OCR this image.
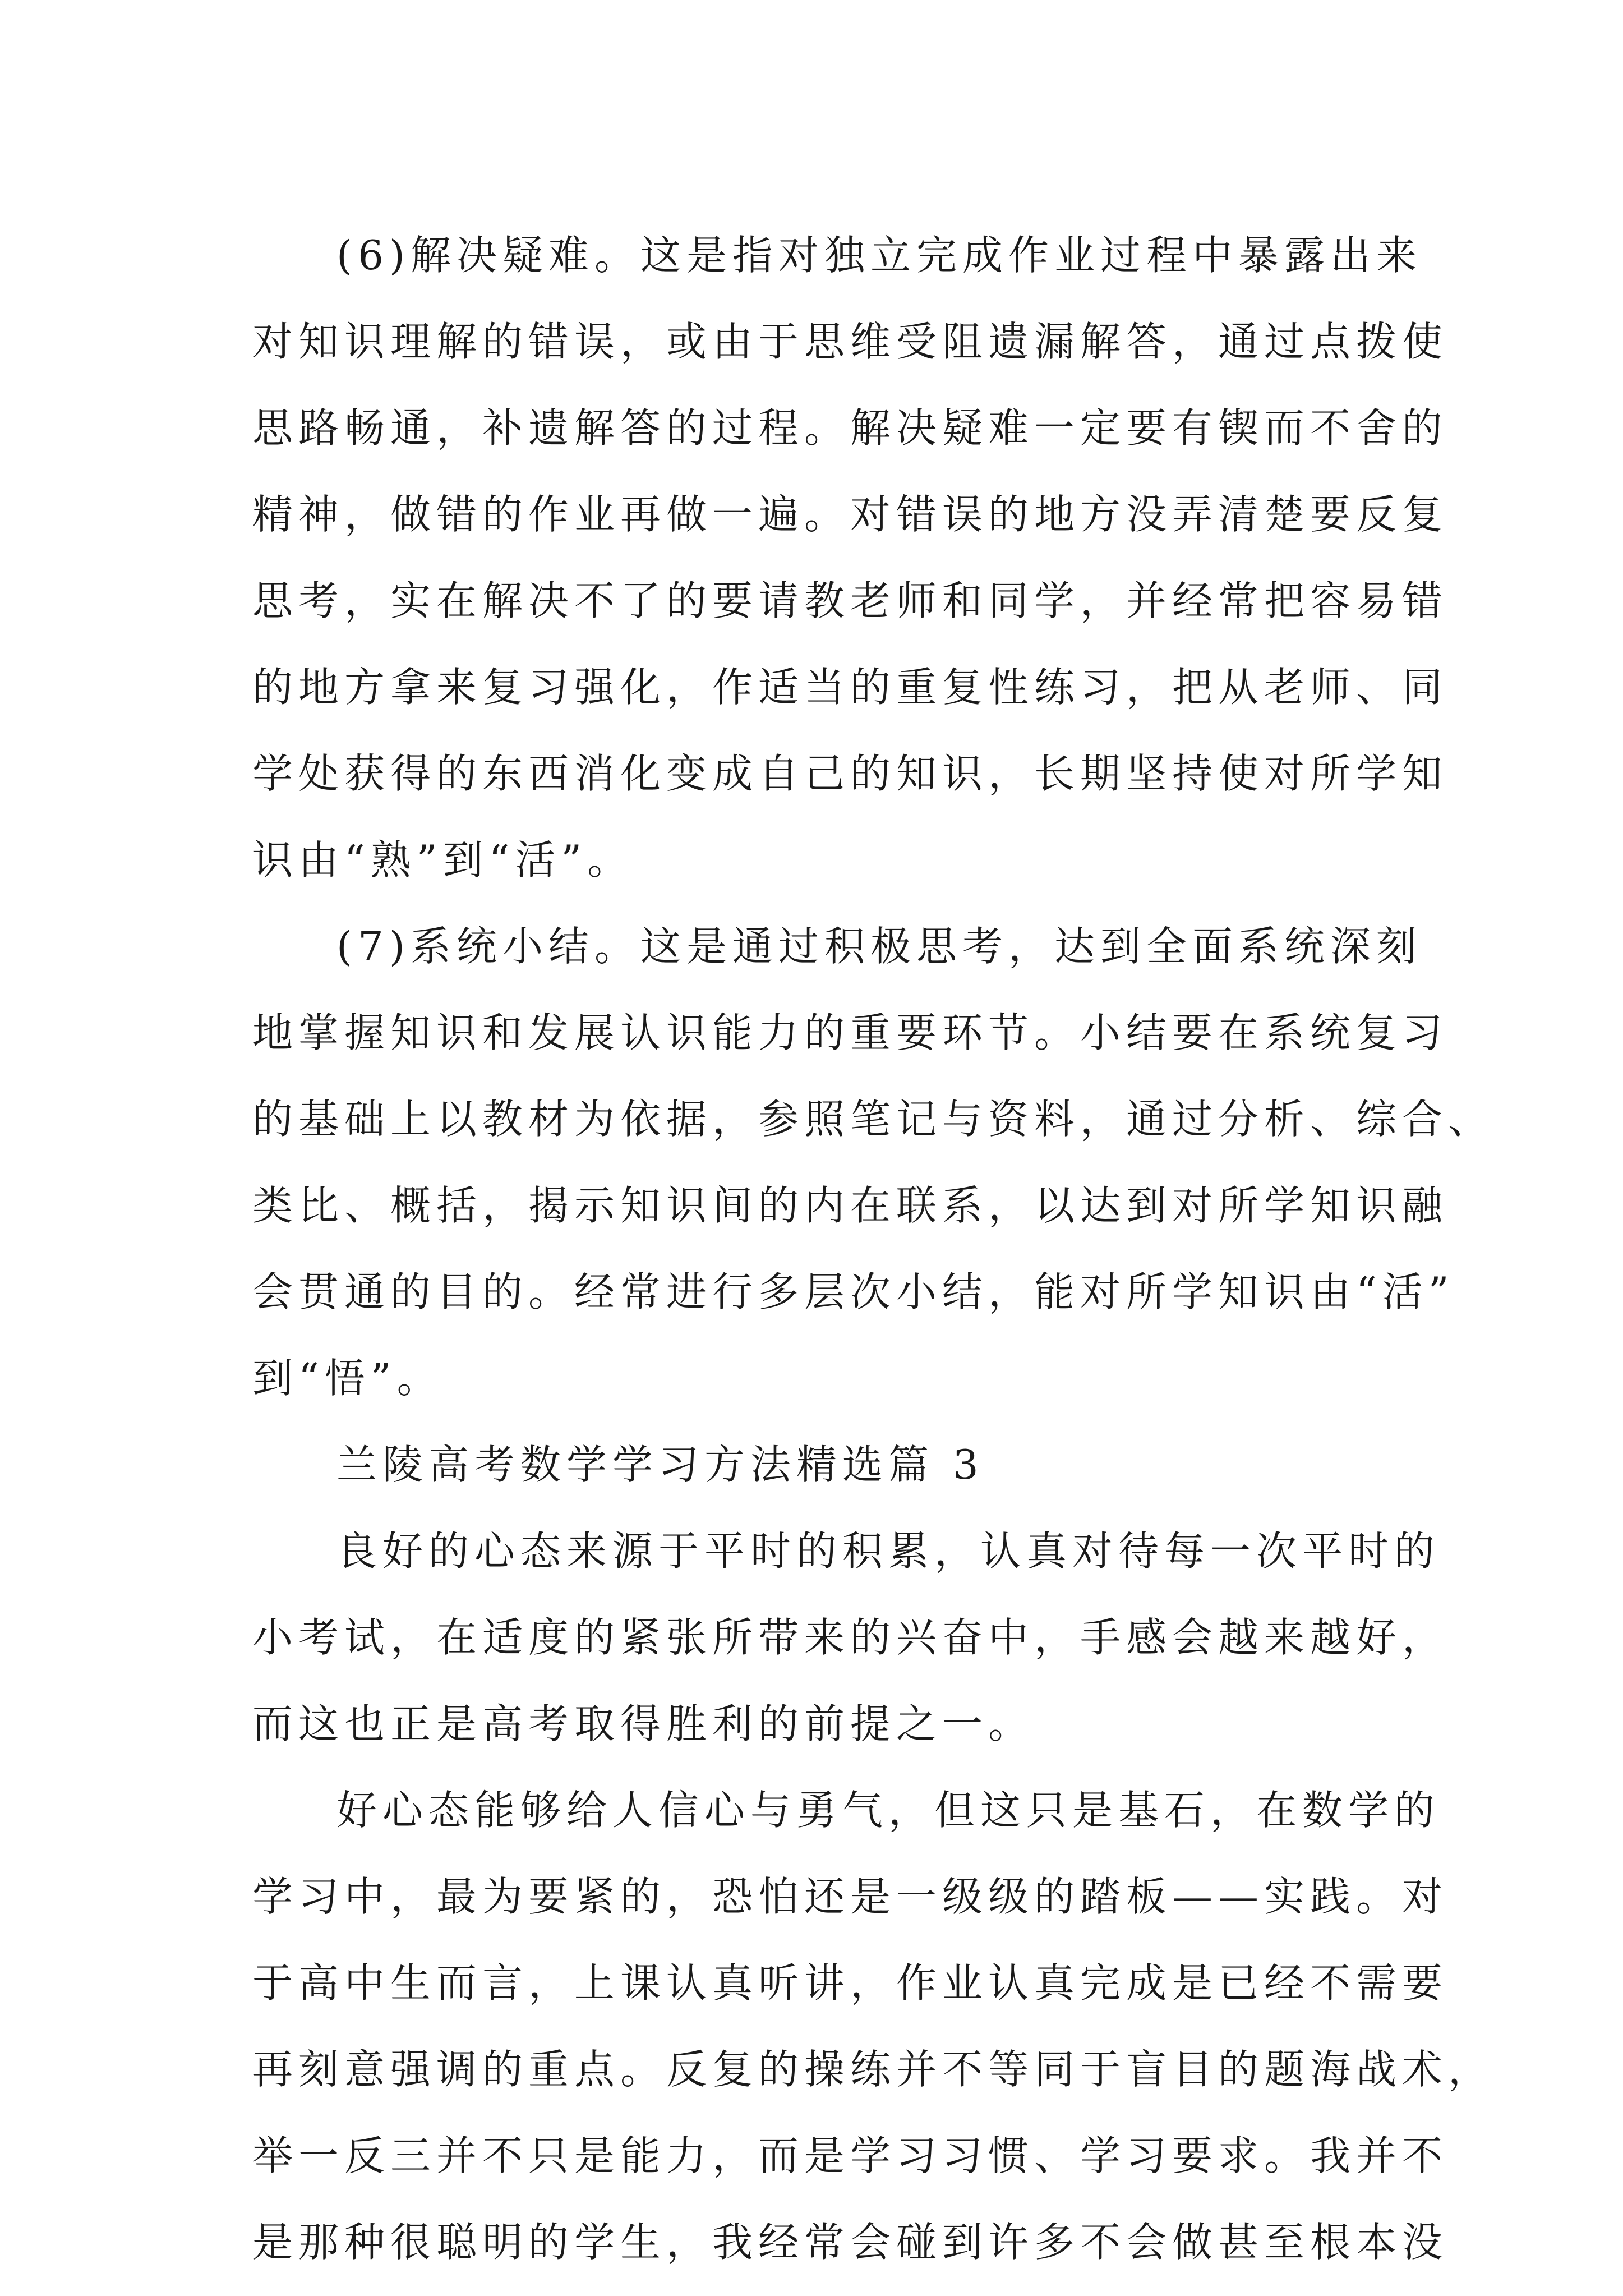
(6)解决疑难。这是指对独立完成作业过程中暴露出来
对知识理解的错误，或由于思维受阻遗漏解答，通过点拨使
思路畅通，补遗解答的过程。解决疑难一定要有锲而不舍的
精神，做错的作业再做一遍。对错误的地方没弄清楚要反复
思考，实在解决不了的要请教老师和同学，并经常把容易错
的地方拿来复习强化，作适当的重复性练习，把从老师、同
学处获得的东西消化变成自己的知识，长期坚持使对所学知
识由“熟”到“活”。
(7)系统小结。这是通过积极思考，达到全面系统深刻
地掌握知识和发展认识能力的重要环节。小结要在系统复习
的基础上以教材为依据，参照笔记与资料，通过分析、综合、
类比、概括，揭示知识间的内在联系，以达到对所学知识融
会贯通的目的。经常进行多层次小结，能对所学知识由“活”
到“悟”。
兰陵高考数学学习方法精选篇 3
良好的心态来源于平时的积累，认真对待每一次平时的
小考试，在适度的紧张所带来的兴奋中，手感会越来越好，
而这也正是高考取得胜利的前提之一。
好心态能够给人信心与勇气，但这只是基石，在数学的
学习中，最为要紧的，恐怕还是一级级的踏板——实践。对
于高中生而言，上课认真听讲，作业认真完成是已经不需要
再刻意强调的重点。反复的操练并不等同于盲目的题海战术，
举一反三并不只是能力，而是学习习惯、学习要求。我并不
是那种很聪明的学生，我经常会碰到许多不会做甚至根本没
